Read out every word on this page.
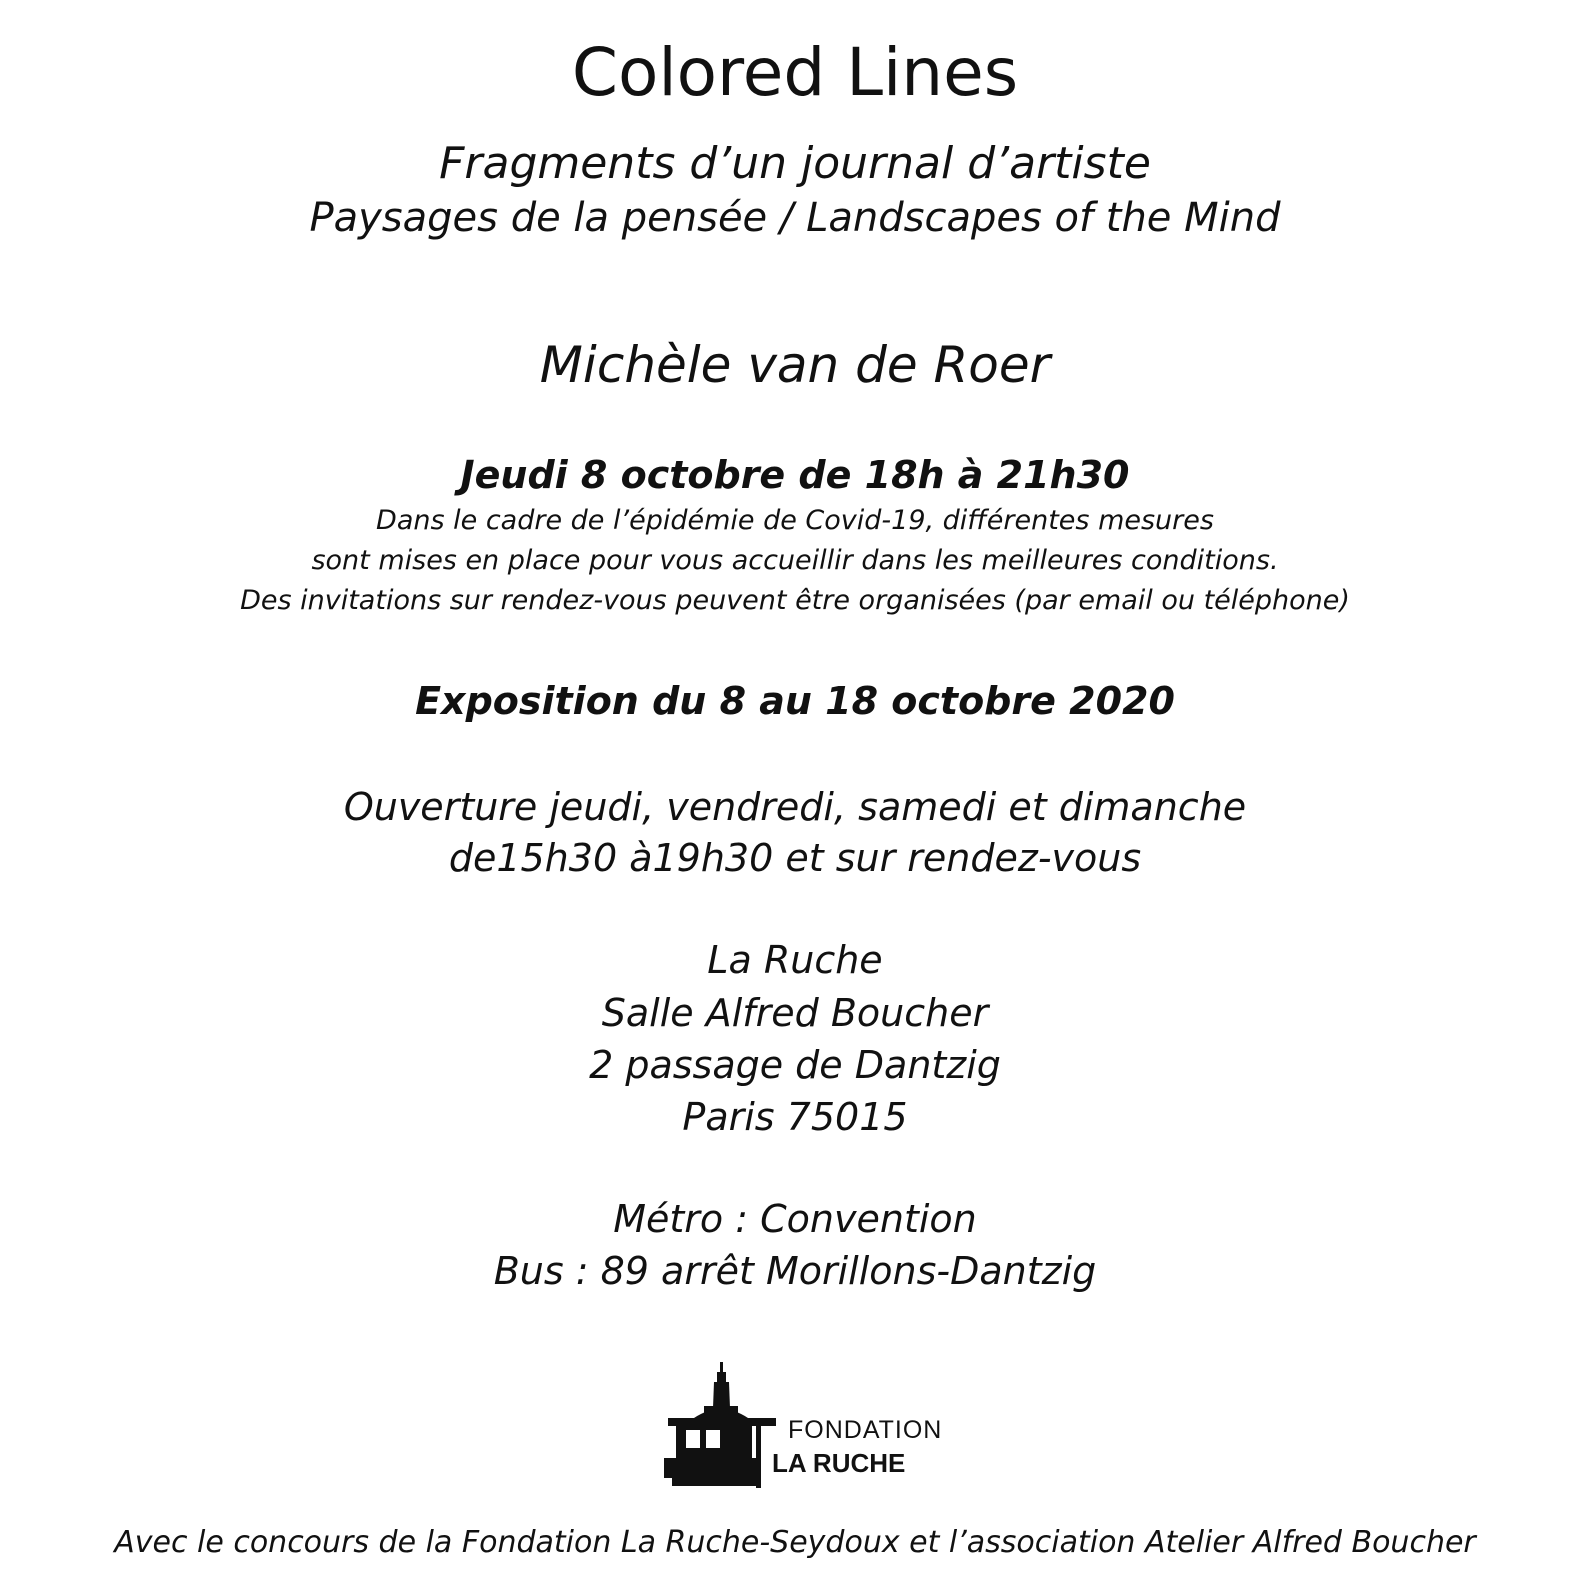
Colored Lines
Fragments d’un journal d’artiste
Paysages de la pensée / Landscapes of the Mind
Michèle van de Roer
Jeudi 8 octobre de 18h à 21h30
Dans le cadre de l’épidémie de Covid-19, différentes mesures
sont mises en place pour vous accueillir dans les meilleures conditions.
Des invitations sur rendez-vous peuvent être organisées (par email ou téléphone)
Exposition du 8 au 18 octobre 2020
Ouverture jeudi, vendredi, samedi et dimanche
de15h30 à19h30 et sur rendez-vous
La Ruche
Salle Alfred Boucher
2 passage de Dantzig
Paris 75015
Métro : Convention
Bus : 89 arrêt Morillons-Dantzig
FONDATION
LA RUCHE
Avec le concours de la Fondation La Ruche-Seydoux et l’association Atelier Alfred Boucher
